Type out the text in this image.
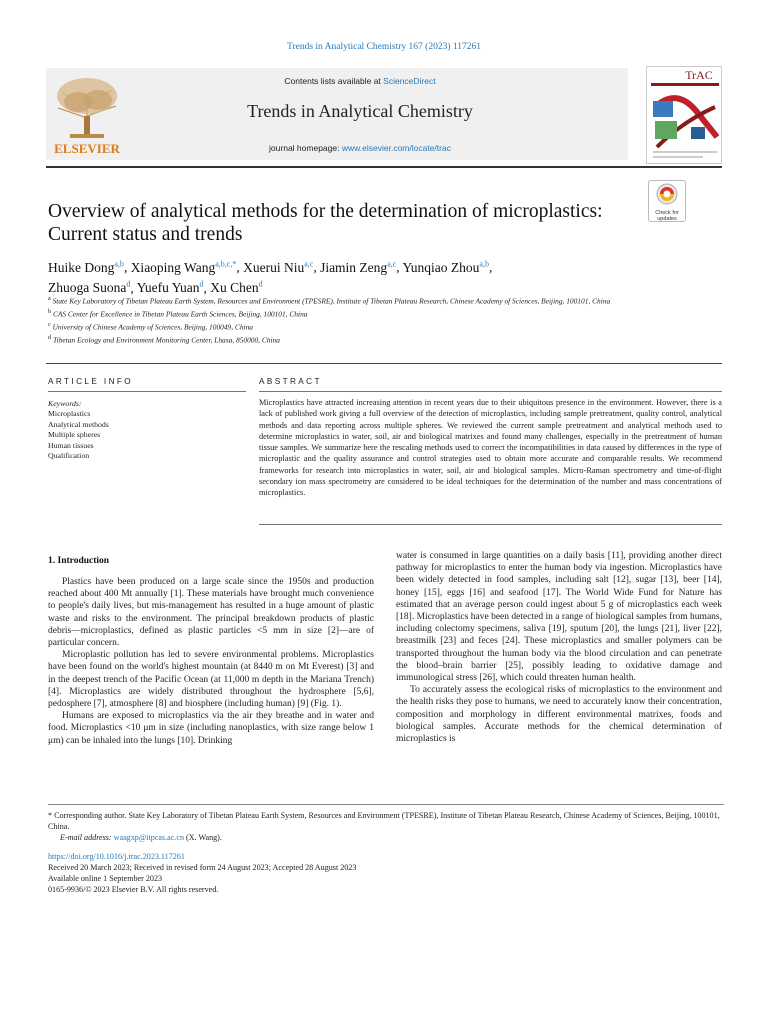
Trends in Analytical Chemistry 167 (2023) 117261
ELSEVIER
Contents lists available at ScienceDirect
Trends in Analytical Chemistry
journal homepage: www.elsevier.com/locate/trac
TrAC
Check for
updates
Overview of analytical methods for the determination of microplastics:
Current status and trends
Huike Dong$^{a,b}$, Xiaoping Wang$^{a,b,c,*}$, Xuerui Niu$^{a,c}$, Jiamin Zeng$^{a,c}$, Yunqiao Zhou$^{a,b}$,
Zhuoga Suona$^d$, Yuefu Yuan$^d$, Xu Chen$^d$
$^a$ State Key Laboratory of Tibetan Plateau Earth System, Resources and Environment (TPESRE), Institute of Tibetan Plateau Research, Chinese Academy of Sciences, Beijing, 100101, China
$^b$ CAS Center for Excellence in Tibetan Plateau Earth Sciences, Beijing, 100101, China
$^c$ University of Chinese Academy of Sciences, Beijing, 100049, China
$^d$ Tibetan Ecology and Environment Monitoring Center, Lhasa, 850000, China
ARTICLE INFO
Keywords:
Microplastics
Analytical methods
Multiple spheres
Human tissues
Qualification
ABSTRACT
Microplastics have attracted increasing attention in recent years due to their ubiquitous presence in the environment. However, there is a lack of published work giving a full overview of the detection of microplastics, including sample pretreatment, quality control, analytical methods and data reporting across multiple spheres. We reviewed the current sample pretreatment and analytical methods used to determine microplastics in water, soil, air and biological matrixes and found many challenges, especially in the pretreatment of human tissue samples. We summarize here the rescaling methods used to correct the incompatibilities in data caused by differences in the type of microplastic and the quality assurance and control strategies used to obtain more accurate and comparable results. We recommend frameworks for research into microplastics in water, soil, air and biological samples. Micro-Raman spectrometry and time-of-flight secondary ion mass spectrometry are considered to be ideal techniques for the determination of the number and mass concentrations of microplastics.
1. Introduction

Plastics have been produced on a large scale since the 1950s and production reached about 400 Mt annually [1]. These materials have brought much convenience to people's daily lives, but mis-management has resulted in a huge amount of plastic waste and risks to the environment. The principal breakdown products of plastic debris—microplastics, defined as plastic particles <5 mm in size [2]—are of particular concern.

Microplastic pollution has led to severe environmental problems. Microplastics have been found on the world's highest mountain (at 8440 m on Mt Everest) [3] and in the deepest trench of the Pacific Ocean (at 11,000 m depth in the Mariana Trench) [4]. Microplastics are widely distributed throughout the hydrosphere [5,6], pedosphere [7], atmosphere [8] and biosphere (including human) [9] (Fig. 1).

Humans are exposed to microplastics via the air they breathe and in water and food. Microplastics <10 μm in size (including nanoplastics, with size range below 1 μm) can be inhaled into the lungs [10]. Drinking

water is consumed in large quantities on a daily basis [11], providing another direct pathway for microplastics to enter the human body via ingestion. Microplastics have been widely detected in food samples, including salt [12], sugar [13], beer [14], honey [15], eggs [16] and seafood [17]. The World Wide Fund for Nature has estimated that an average person could ingest about 5 g of microplastics each week [18]. Microplastics have been detected in a range of biological samples from humans, including colectomy specimens, saliva [19], sputum [20], the lungs [21], liver [22], breastmilk [23] and feces [24]. These microplastics and smaller polymers can be transported throughout the human body via the blood circulation and can penetrate the blood–brain barrier [25], possibly leading to oxidative damage and immunological stress [26], which could threaten human health.

To accurately assess the ecological risks of microplastics to the environment and the health risks they pose to humans, we need to accurately know their concentration, composition and morphology in different environmental matrixes, foods and biological samples. Accurate methods for the chemical determination of microplastics is

* Corresponding author. State Key Laboratory of Tibetan Plateau Earth System, Resources and Environment (TPESRE), Institute of Tibetan Plateau Research, Chinese Academy of Sciences, Beijing, 100101, China.
E-mail address: waagxp@itpcas.ac.cn (X. Wang).
https://doi.org/10.1016/j.trac.2023.117261
Received 20 March 2023; Received in revised form 24 August 2023; Accepted 28 August 2023
Available online 1 September 2023
0165-9936/© 2023 Elsevier B.V. All rights reserved.
